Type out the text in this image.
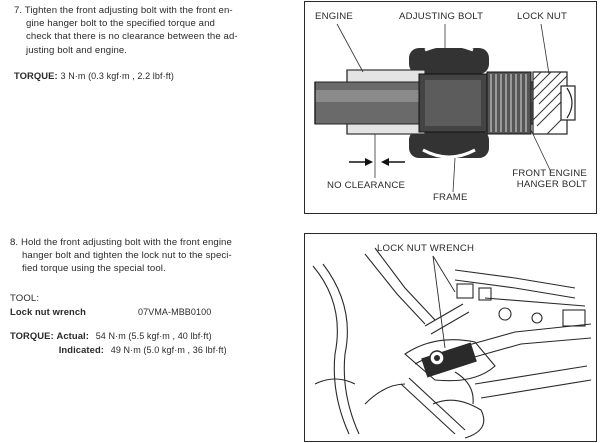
7. Tighten the front adjusting bolt with the front en-

gine hanger bolt to the specified torque and

check that there is no clearance between the ad-

justing bolt and engine.

TORQUE: 3 N·m (0.3 kgf·m , 2.2 lbf·ft)

ENGINE	ADJUSTING BOLT	LOCK NUT
NO CLEARANCE
FRAME
FRONT ENGINE
HANGER BOLT

8. Hold the front adjusting bolt with the front engine

hanger bolt and tighten the lock nut to the speci-

fied torque using the special tool.

TOOL:

Lock nut wrench	07VMA-MBB0100

TORQUE: Actual: 54 N·m (5.5 kgf·m , 40 lbf·ft)

Indicated: 49 N·m (5.0 kgf·m , 36 lbf·ft)

LOCK NUT WRENCH
